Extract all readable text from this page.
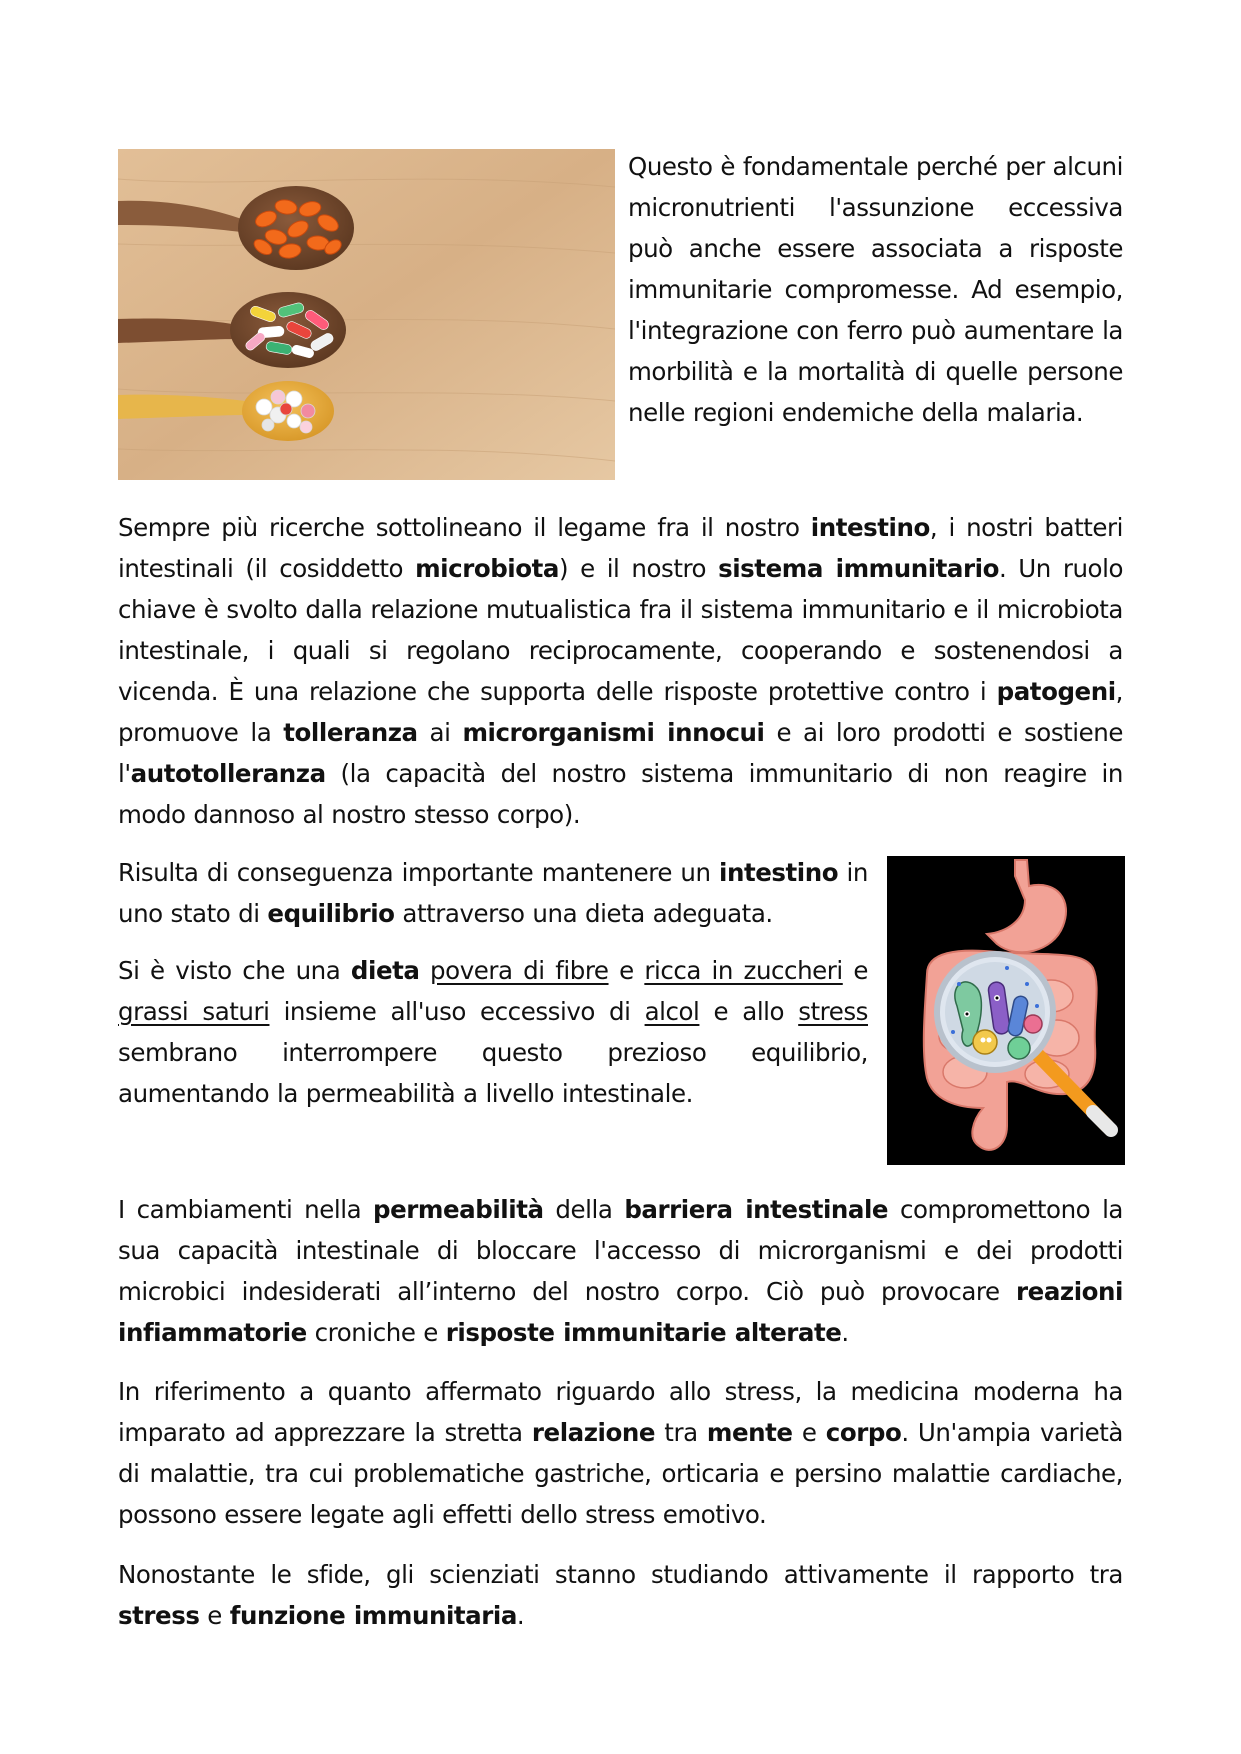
Questo è fondamentale perché per alcuni micronutrienti l'assunzione eccessiva può anche essere associata a risposte immunitarie compromesse. Ad esempio, l'integrazione con ferro può aumentare la morbilità e la mortalità di quelle persone nelle regioni endemiche della malaria.

Sempre più ricerche sottolineano il legame fra il nostro intestino, i nostri batteri intestinali (il cosiddetto microbiota) e il nostro sistema immunitario. Un ruolo chiave è svolto dalla relazione mutualistica fra il sistema immunitario e il microbiota intestinale, i quali si regolano reciprocamente, cooperando e sostenendosi a vicenda. È una relazione che supporta delle risposte protettive contro i patogeni, promuove la tolleranza ai microrganismi innocui e ai loro prodotti e sostiene l'autotolleranza (la capacità del nostro sistema immunitario di non reagire in modo dannoso al nostro stesso corpo).

Risulta di conseguenza importante mantenere un intestino in uno stato di equilibrio attraverso una dieta adeguata.

Si è visto che una dieta povera di fibre e ricca in zuccheri e grassi saturi insieme all'uso eccessivo di alcol e allo stress sembrano interrompere questo prezioso equilibrio, aumentando la permeabilità a livello intestinale.

I cambiamenti nella permeabilità della barriera intestinale compromettono la sua capacità intestinale di bloccare l'accesso di microrganismi e dei prodotti microbici indesiderati all’interno del nostro corpo. Ciò può provocare reazioni infiammatorie croniche e risposte immunitarie alterate.

In riferimento a quanto affermato riguardo allo stress, la medicina moderna ha imparato ad apprezzare la stretta relazione tra mente e corpo. Un'ampia varietà di malattie, tra cui problematiche gastriche, orticaria e persino malattie cardiache, possono essere legate agli effetti dello stress emotivo.

Nonostante le sfide, gli scienziati stanno studiando attivamente il rapporto tra stress e funzione immunitaria.
